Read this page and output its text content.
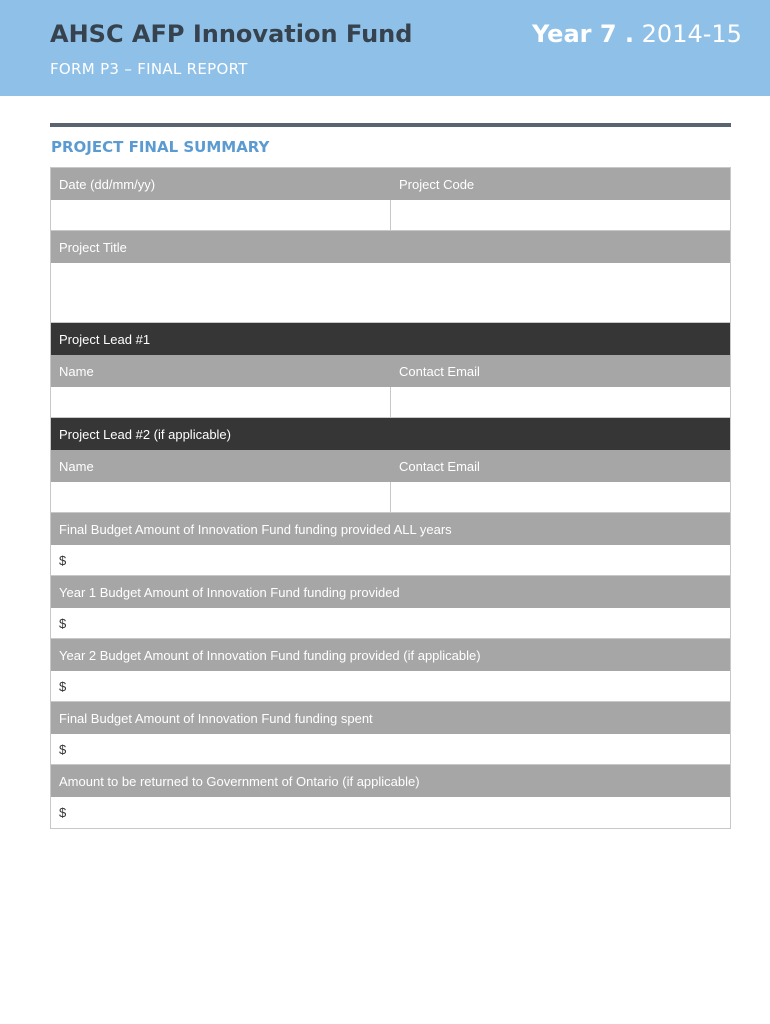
AHSC AFP Innovation Fund	Year 7 . 2014-15
FORM P3 – FINAL REPORT
PROJECT FINAL SUMMARY
Date (dd/mm/yy)	Project Code
Project Title
Project Lead #1
Name	Contact Email
Project Lead #2 (if applicable)
Name	Contact Email
Final Budget Amount of Innovation Fund funding provided ALL years
$
Year 1 Budget Amount of Innovation Fund funding provided
$
Year 2 Budget Amount of Innovation Fund funding provided (if applicable)
$
Final Budget Amount of Innovation Fund funding spent
$
Amount to be returned to Government of Ontario (if applicable)
$
